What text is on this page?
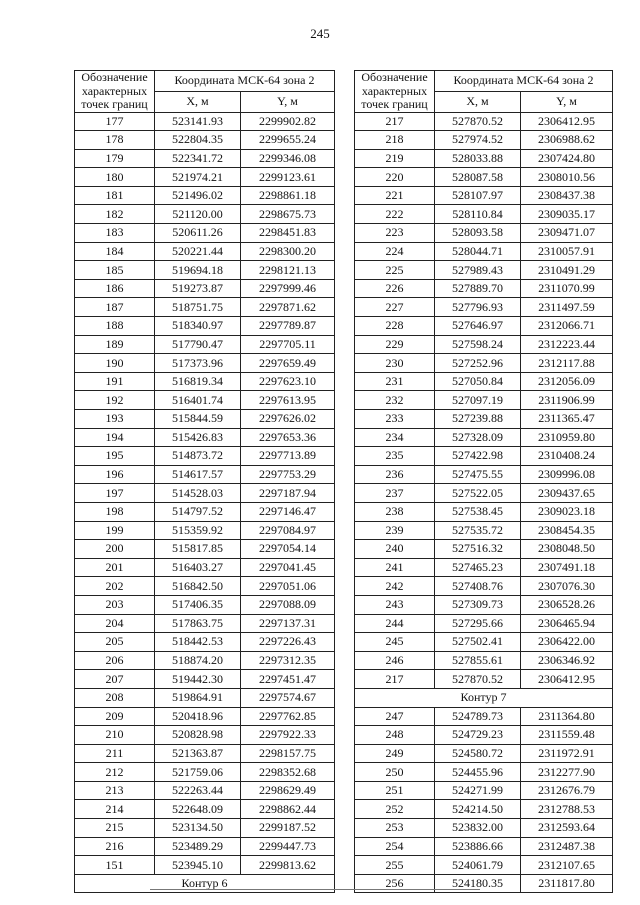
245
Обозначение характерных точек границ	Координата МСК-64 зона 2	
	X, м	Y, м
177	523141.93	2299902.82
178	522804.35	2299655.24
179	522341.72	2299346.08
180	521974.21	2299123.61
181	521496.02	2298861.18
182	521120.00	2298675.73
183	520611.26	2298451.83
184	520221.44	2298300.20
185	519694.18	2298121.13
186	519273.87	2297999.46
187	518751.75	2297871.62
188	518340.97	2297789.87
189	517790.47	2297705.11
190	517373.96	2297659.49
191	516819.34	2297623.10
192	516401.74	2297613.95
193	515844.59	2297626.02
194	515426.83	2297653.36
195	514873.72	2297713.89
196	514617.57	2297753.29
197	514528.03	2297187.94
198	514797.52	2297146.47
199	515359.92	2297084.97
200	515817.85	2297054.14
201	516403.27	2297041.45
202	516842.50	2297051.06
203	517406.35	2297088.09
204	517863.75	2297137.31
205	518442.53	2297226.43
206	518874.20	2297312.35
207	519442.30	2297451.47
208	519864.91	2297574.67
209	520418.96	2297762.85
210	520828.98	2297922.33
211	521363.87	2298157.75
212	521759.06	2298352.68
213	522263.44	2298629.49
214	522648.09	2298862.44
215	523134.50	2299187.52
216	523489.29	2299447.73
151	523945.10	2299813.62
Контур 6		
Обозначение характерных точек границ	Координата МСК-64 зона 2	
	X, м	Y, м
217	527870.52	2306412.95
218	527974.52	2306988.62
219	528033.88	2307424.80
220	528087.58	2308010.56
221	528107.97	2308437.38
222	528110.84	2309035.17
223	528093.58	2309471.07
224	528044.71	2310057.91
225	527989.43	2310491.29
226	527889.70	2311070.99
227	527796.93	2311497.59
228	527646.97	2312066.71
229	527598.24	2312223.44
230	527252.96	2312117.88
231	527050.84	2312056.09
232	527097.19	2311906.99
233	527239.88	2311365.47
234	527328.09	2310959.80
235	527422.98	2310408.24
236	527475.55	2309996.08
237	527522.05	2309437.65
238	527538.45	2309023.18
239	527535.72	2308454.35
240	527516.32	2308048.50
241	527465.23	2307491.18
242	527408.76	2307076.30
243	527309.73	2306528.26
244	527295.66	2306465.94
245	527502.41	2306422.00
246	527855.61	2306346.92
217	527870.52	2306412.95
Контур 7		
247	524789.73	2311364.80
248	524729.23	2311559.48
249	524580.72	2311972.91
250	524455.96	2312277.90
251	524271.99	2312676.79
252	524214.50	2312788.53
253	523832.00	2312593.64
254	523886.66	2312487.38
255	524061.79	2312107.65
256	524180.35	2311817.80
